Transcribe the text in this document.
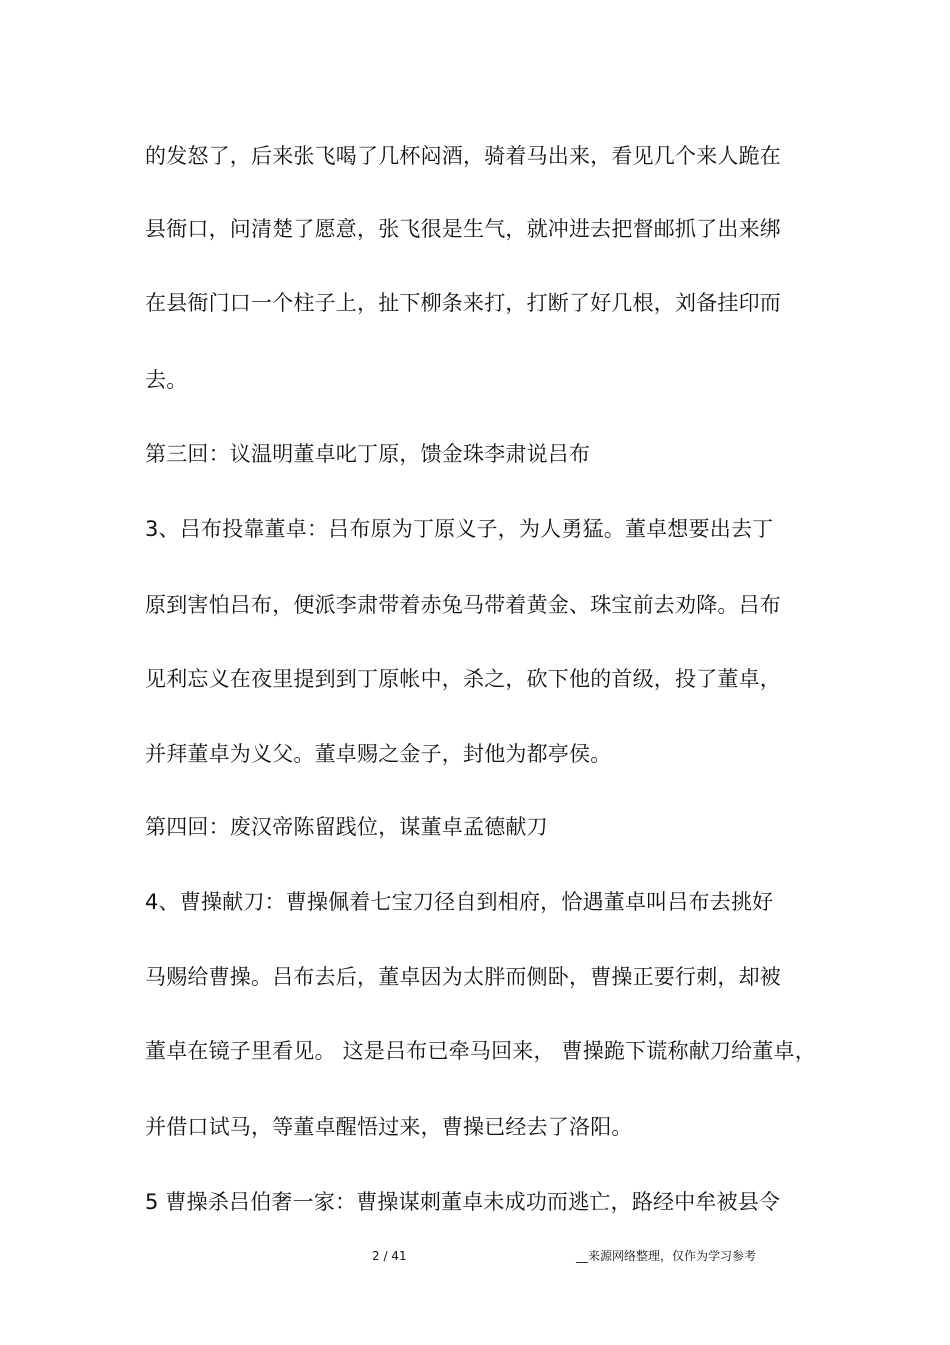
的发怒了，后来张飞喝了几杯闷酒，骑着马出来，看见几个来人跪在
县衙口，问清楚了愿意，张飞很是生气，就冲进去把督邮抓了出来绑
在县衙门口一个柱子上，扯下柳条来打，打断了好几根，刘备挂印而
去。
第三回：议温明董卓叱丁原，馈金珠李肃说吕布
3、吕布投靠董卓：吕布原为丁原义子，为人勇猛。董卓想要出去丁
原到害怕吕布，便派李肃带着赤兔马带着黄金、珠宝前去劝降。吕布
见利忘义在夜里提到到丁原帐中，杀之，砍下他的首级，投了董卓，
并拜董卓为义父。董卓赐之金子，封他为都亭侯。
第四回：废汉帝陈留践位，谋董卓孟德献刀
4、曹操献刀：曹操佩着七宝刀径自到相府，恰遇董卓叫吕布去挑好
马赐给曹操。吕布去后，董卓因为太胖而侧卧，曹操正要行刺，却被
董卓在镜子里看见。 这是吕布已牵马回来， 曹操跪下谎称献刀给董卓，
并借口试马，等董卓醒悟过来，曹操已经去了洛阳。
5 曹操杀吕伯奢一家：曹操谋刺董卓未成功而逃亡，路经中牟被县令
2 / 41	__来源网络整理，仅作为学习参考
